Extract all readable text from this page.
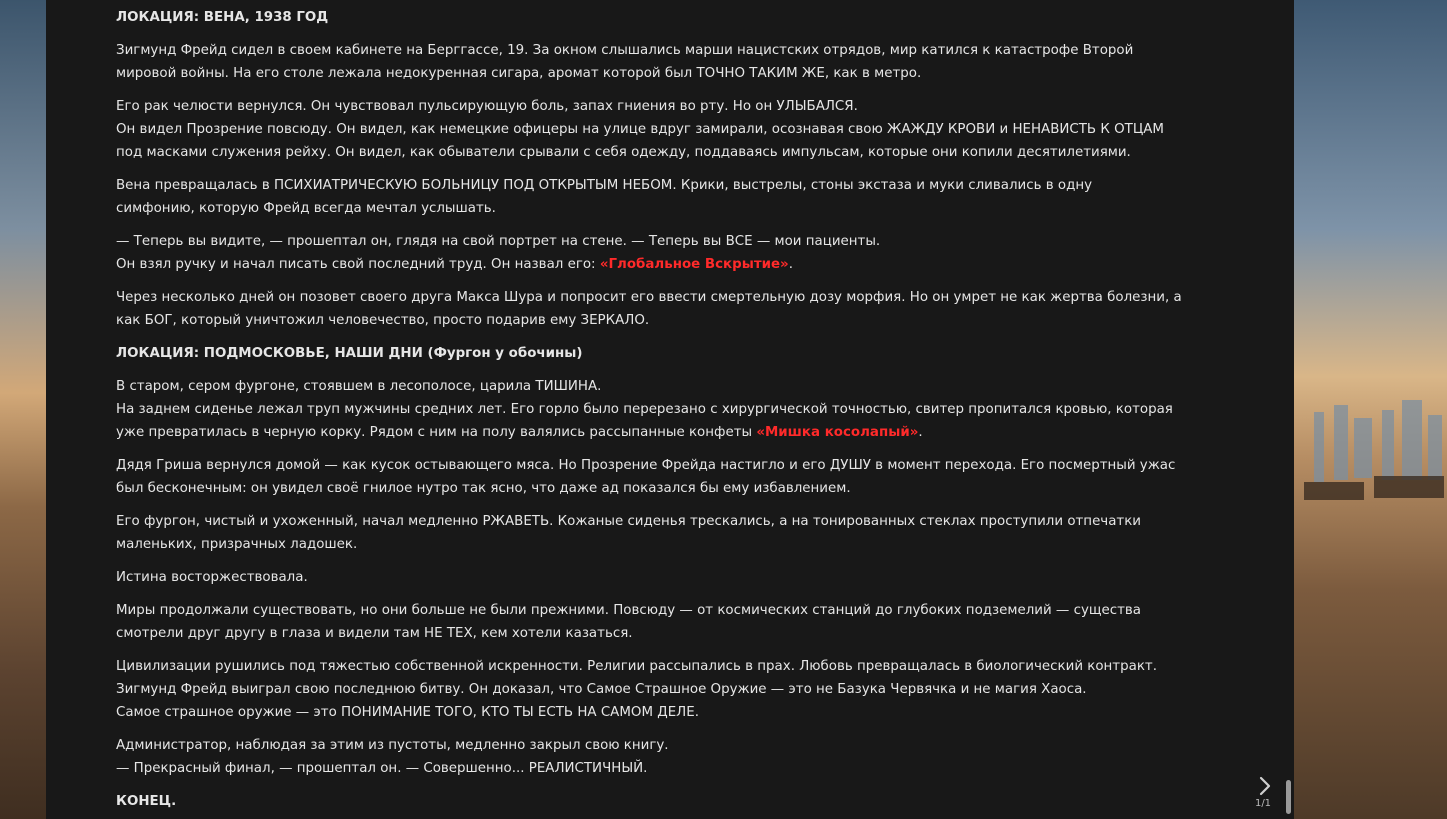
ЛОКАЦИЯ: ВЕНА, 1938 ГОД

Зигмунд Фрейд сидел в своем кабинете на Берггассе, 19. За окном слышались марши нацистских отрядов, мир катился к катастрофе Второй

мировой войны. На его столе лежала недокуренная сигара, аромат которой был ТОЧНО ТАКИМ ЖЕ, как в метро.

Его рак челюсти вернулся. Он чувствовал пульсирующую боль, запах гниения во рту. Но он УЛЫБАЛСЯ.

Он видел Прозрение повсюду. Он видел, как немецкие офицеры на улице вдруг замирали, осознавая свою ЖАЖДУ КРОВИ и НЕНАВИСТЬ К ОТЦАМ

под масками служения рейху. Он видел, как обыватели срывали с себя одежду, поддаваясь импульсам, которые они копили десятилетиями.

Вена превращалась в ПСИХИАТРИЧЕСКУЮ БОЛЬНИЦУ ПОД ОТКРЫТЫМ НЕБОМ. Крики, выстрелы, стоны экстаза и муки сливались в одну

симфонию, которую Фрейд всегда мечтал услышать.

— Теперь вы видите, — прошептал он, глядя на свой портрет на стене. — Теперь вы ВСЕ — мои пациенты.

Он взял ручку и начал писать свой последний труд. Он назвал его: «Глобальное Вскрытие».

Через несколько дней он позовет своего друга Макса Шура и попросит его ввести смертельную дозу морфия. Но он умрет не как жертва болезни, а

как БОГ, который уничтожил человечество, просто подарив ему ЗЕРКАЛО.

ЛОКАЦИЯ: ПОДМОСКОВЬЕ, НАШИ ДНИ (Фургон у обочины)

В старом, сером фургоне, стоявшем в лесополосе, царила ТИШИНА.

На заднем сиденье лежал труп мужчины средних лет. Его горло было перерезано с хирургической точностью, свитер пропитался кровью, которая

уже превратилась в черную корку. Рядом с ним на полу валялись рассыпанные конфеты «Мишка косолапый».

Дядя Гриша вернулся домой — как кусок остывающего мяса. Но Прозрение Фрейда настигло и его ДУШУ в момент перехода. Его посмертный ужас

был бесконечным: он увидел своё гнилое нутро так ясно, что даже ад показался бы ему избавлением.

Его фургон, чистый и ухоженный, начал медленно РЖАВЕТЬ. Кожаные сиденья трескались, а на тонированных стеклах проступили отпечатки

маленьких, призрачных ладошек.

Истина восторжествовала.

Миры продолжали существовать, но они больше не были прежними. Повсюду — от космических станций до глубоких подземелий — существа

смотрели друг другу в глаза и видели там НЕ ТЕХ, кем хотели казаться.

Цивилизации рушились под тяжестью собственной искренности. Религии рассыпались в прах. Любовь превращалась в биологический контракт.

Зигмунд Фрейд выиграл свою последнюю битву. Он доказал, что Самое Страшное Оружие — это не Базука Червячка и не магия Хаоса.

Самое страшное оружие — это ПОНИМАНИЕ ТОГО, КТО ТЫ ЕСТЬ НА САМОМ ДЕЛЕ.

Администратор, наблюдая за этим из пустоты, медленно закрыл свою книгу.

— Прекрасный финал, — прошептал он. — Совершенно... РЕАЛИСТИЧНЫЙ.

КОНЕЦ.	1/1
